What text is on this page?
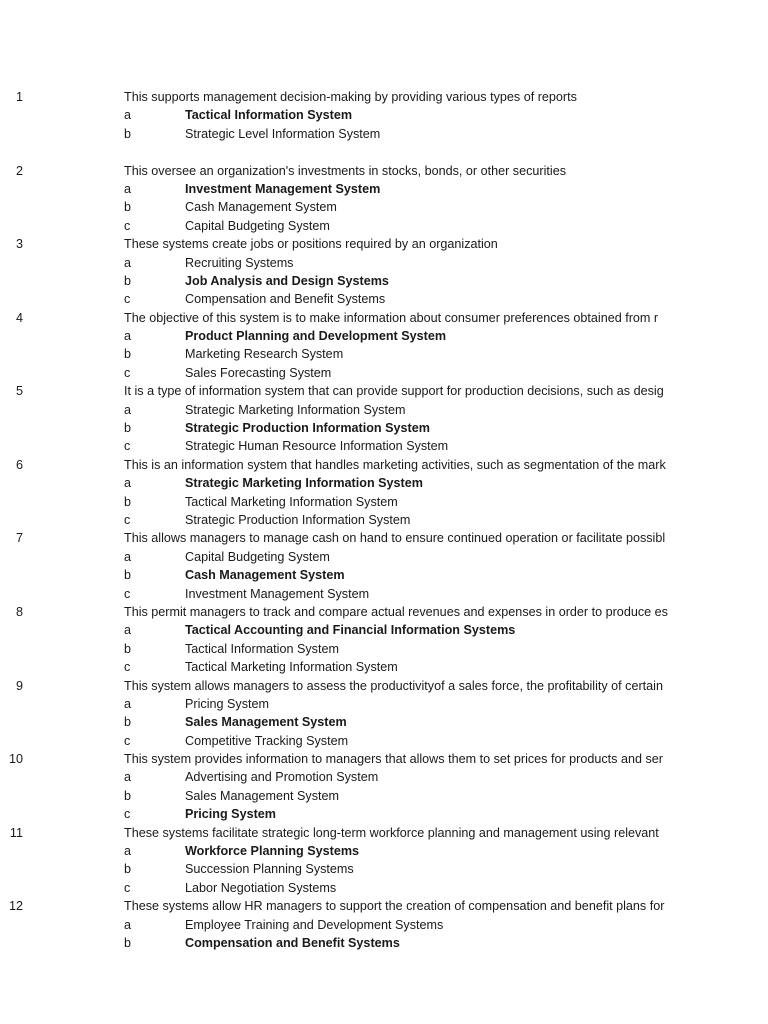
1	This supports management decision-making by providing various types of reports
a	Tactical Information System
b	Strategic Level Information System
2	This oversee an organization's investments in stocks, bonds, or other securities
a	Investment Management System
b	Cash Management System
c	Capital Budgeting System
3	These systems create jobs or positions required by an organization
a	Recruiting Systems
b	Job Analysis and Design Systems
c	Compensation and Benefit Systems
4	The objective of this system is to make information about consumer preferences obtained from r
a	Product Planning and Development System
b	Marketing Research System
c	Sales Forecasting System
5	It is a type of information system that can provide support for production decisions, such as desig
a	Strategic Marketing Information System
b	Strategic Production Information System
c	Strategic Human Resource Information System
6	This is an information system that handles marketing activities, such as segmentation of the mark
a	Strategic Marketing Information System
b	Tactical Marketing Information System
c	Strategic Production Information System
7	This allows managers to manage cash on hand to ensure continued operation or facilitate possibl
a	Capital Budgeting System
b	Cash Management System
c	Investment Management System
8	This permit managers to track and compare actual revenues and expenses in order to produce es
a	Tactical Accounting and Financial Information Systems
b	Tactical Information System
c	Tactical Marketing Information System
9	This system allows managers to assess the productivityof a sales force, the profitability of certain
a	Pricing System
b	Sales Management System
c	Competitive Tracking System
10	This system provides information to managers that allows them to set prices for products and ser
a	Advertising and Promotion System
b	Sales Management System
c	Pricing System
11	These systems facilitate strategic long-term workforce planning and management using relevant
a	Workforce Planning Systems
b	Succession Planning Systems
c	Labor Negotiation Systems
12	These systems allow HR managers to support the creation of compensation and benefit plans for
a	Employee Training and Development Systems
b	Compensation and Benefit Systems
